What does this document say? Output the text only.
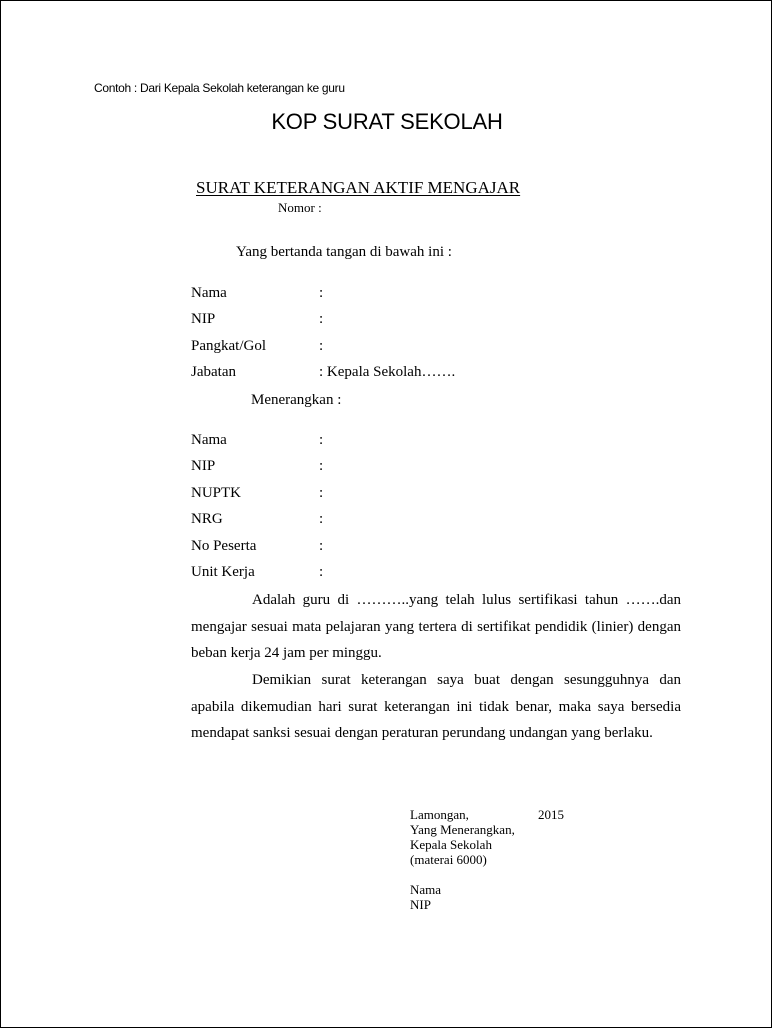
Contoh : Dari Kepala Sekolah keterangan ke guru
KOP SURAT SEKOLAH
SURAT KETERANGAN AKTIF MENGAJAR
Nomor :
Yang bertanda tangan di bawah ini :
Nama	:
NIP	:
Pangkat/Gol	:
Jabatan	: Kepala Sekolah…….
Menerangkan :
Nama	:
NIP	:
NUPTK	:
NRG	:
No Peserta	:
Unit Kerja	:
Adalah guru di ………..yang telah lulus sertifikasi tahun …….dan mengajar sesuai mata pelajaran yang tertera di sertifikat pendidik (linier) dengan beban kerja 24 jam per minggu.
Demikian surat keterangan saya buat dengan sesungguhnya dan apabila dikemudian hari surat keterangan ini tidak benar, maka saya bersedia mendapat sanksi sesuai dengan peraturan perundang undangan yang berlaku.
Lamongan,	2015
Yang Menerangkan,
Kepala Sekolah
(materai 6000)
Nama
NIP
